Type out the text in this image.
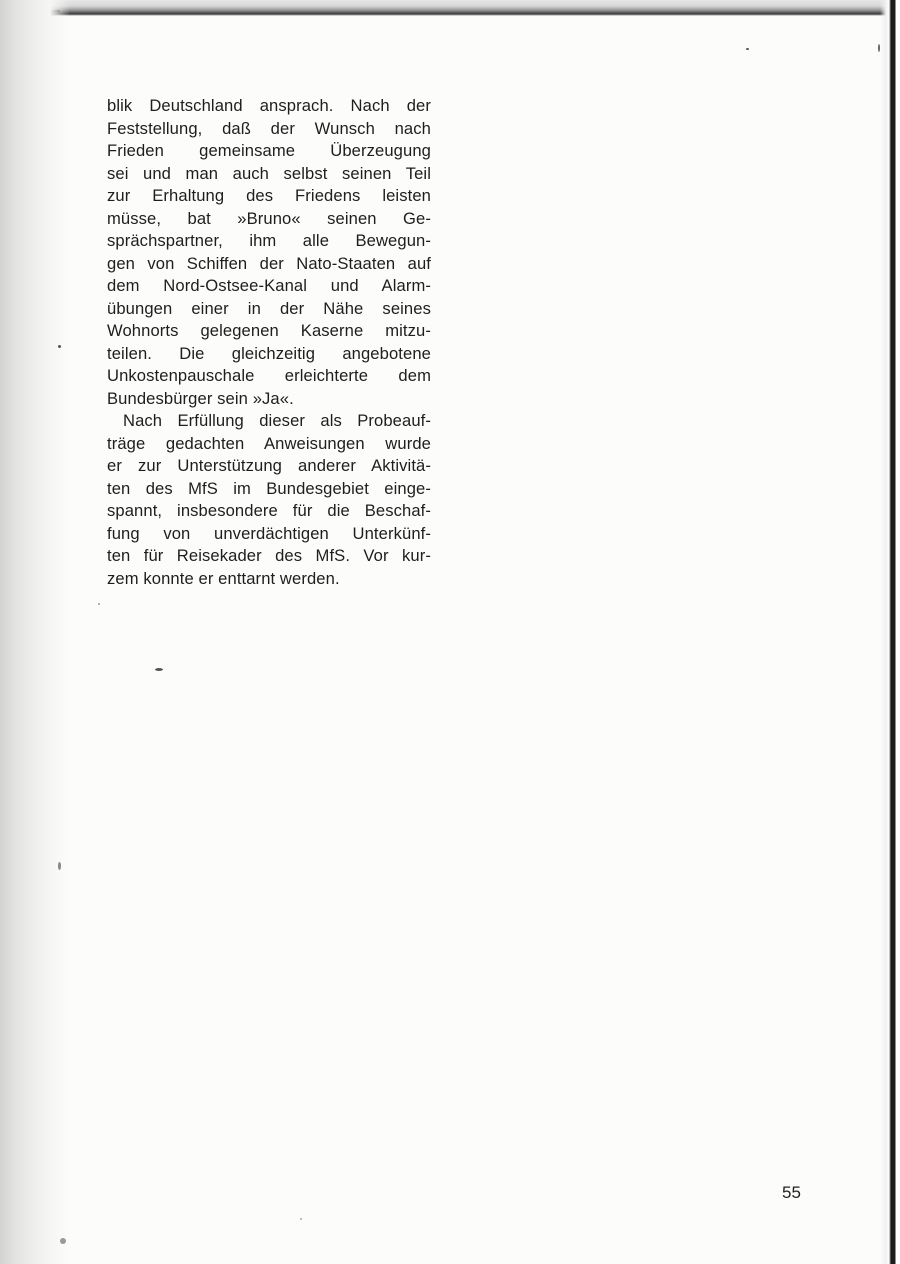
blik Deutschland ansprach. Nach der
Feststellung, daß der Wunsch nach
Frieden gemeinsame Überzeugung
sei und man auch selbst seinen Teil
zur Erhaltung des Friedens leisten
müsse, bat »Bruno« seinen Ge-
sprächspartner, ihm alle Bewegun-
gen von Schiffen der Nato-Staaten auf
dem Nord-Ostsee-Kanal und Alarm-
übungen einer in der Nähe seines
Wohnorts gelegenen Kaserne mitzu-
teilen. Die gleichzeitig angebotene
Unkostenpauschale erleichterte dem
Bundesbürger sein »Ja«.
Nach Erfüllung dieser als Probeauf-
träge gedachten Anweisungen wurde
er zur Unterstützung anderer Aktivitä-
ten des MfS im Bundesgebiet einge-
spannt, insbesondere für die Beschaf-
fung von unverdächtigen Unterkünf-
ten für Reisekader des MfS. Vor kur-
zem konnte er enttarnt werden.
55
